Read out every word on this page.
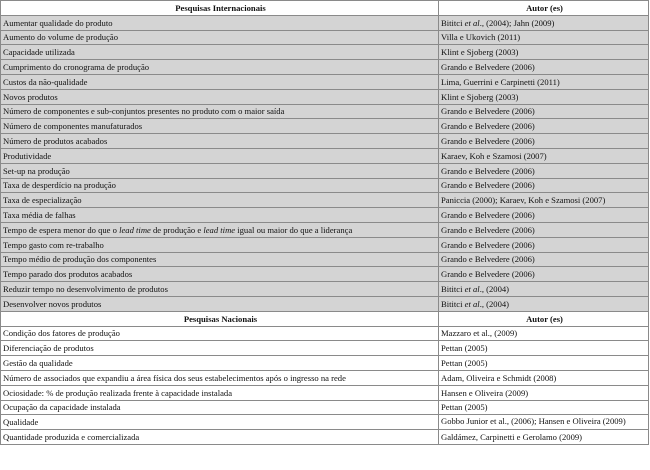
Pesquisas Internacionais	Autor (es)
Aumentar qualidade do produto	Bititci et al., (2004); Jahn (2009)
Aumento do volume de produção	Villa e Ukovich (2011)
Capacidade utilizada	Klint e Sjoberg (2003)
Cumprimento do cronograma de produção	Grando e Belvedere (2006)
Custos da não-qualidade	Lima, Guerrini e Carpinetti (2011)
Novos produtos	Klint e Sjoberg (2003)
Número de componentes e sub-conjuntos presentes no produto com o maior saída	Grando e Belvedere (2006)
Número de componentes manufaturados	Grando e Belvedere (2006)
Número de produtos acabados	Grando e Belvedere (2006)
Produtividade	Karaev, Koh e Szamosi (2007)
Set-up na produção	Grando e Belvedere (2006)
Taxa de desperdício na produção	Grando e Belvedere (2006)
Taxa de especialização	Paniccia (2000); Karaev, Koh e Szamosi (2007)
Taxa média de falhas	Grando e Belvedere (2006)
Tempo de espera menor do que o lead time de produção e lead time igual ou maior do que a liderança	Grando e Belvedere (2006)
Tempo gasto com re-trabalho	Grando e Belvedere (2006)
Tempo médio de produção dos componentes	Grando e Belvedere (2006)
Tempo parado dos produtos acabados	Grando e Belvedere (2006)
Reduzir tempo no desenvolvimento de produtos	Bititci et al., (2004)
Desenvolver novos produtos	Bititci et al., (2004)
Pesquisas Nacionais	Autor (es)
Condição dos fatores de produção	Mazzaro et al., (2009)
Diferenciação de produtos	Pettan (2005)
Gestão da qualidade	Pettan (2005)
Número de associados que expandiu a área física dos seus estabelecimentos após o ingresso na rede	Adam, Oliveira e Schmidt (2008)
Ociosidade: % de produção realizada frente à capacidade instalada	Hansen e Oliveira (2009)
Ocupação da capacidade instalada	Pettan (2005)
Qualidade	Gobbo Junior et al., (2006); Hansen e Oliveira (2009)
Quantidade produzida e comercializada	Galdámez, Carpinetti e Gerolamo (2009)
